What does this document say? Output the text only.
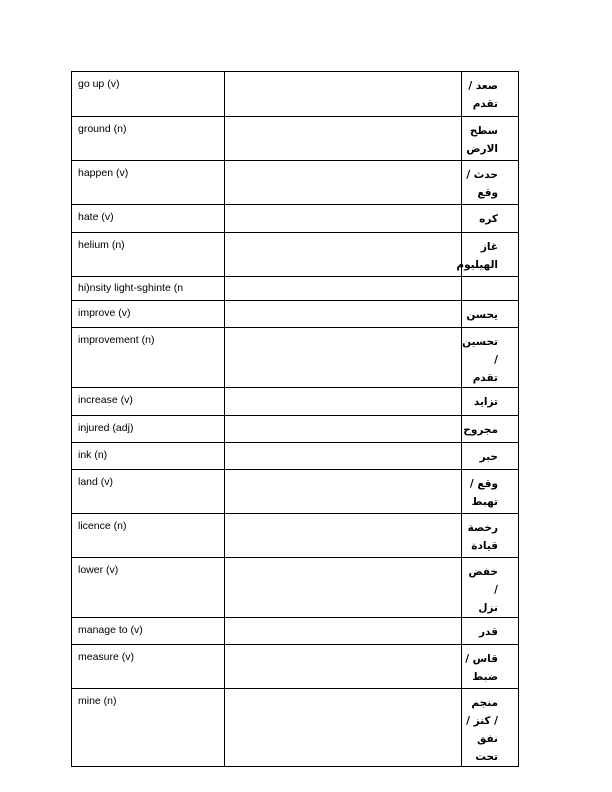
go up (v)		صعد /
تقدم

ground (n)		سطح
الارض

happen (v)		حدث /
وقع

hate (v)		كره

helium (n)		غاز
الهيليوم

hi)nsity light-sghinte (n		

improve (v)		يحسن

improvement (n)		تحسين /
تقدم

increase (v)		تزايد

injured (adj)		مجروح

ink (n)		حبر

land (v)		وقع /
تهبط

licence (n)		رخصة
قيادة

lower (v)		خفض /
نزل

manage to (v)		قدر

measure (v)		قاس /
ضبط

mine (n)		منجم
/ كنز /
نفق تحت
